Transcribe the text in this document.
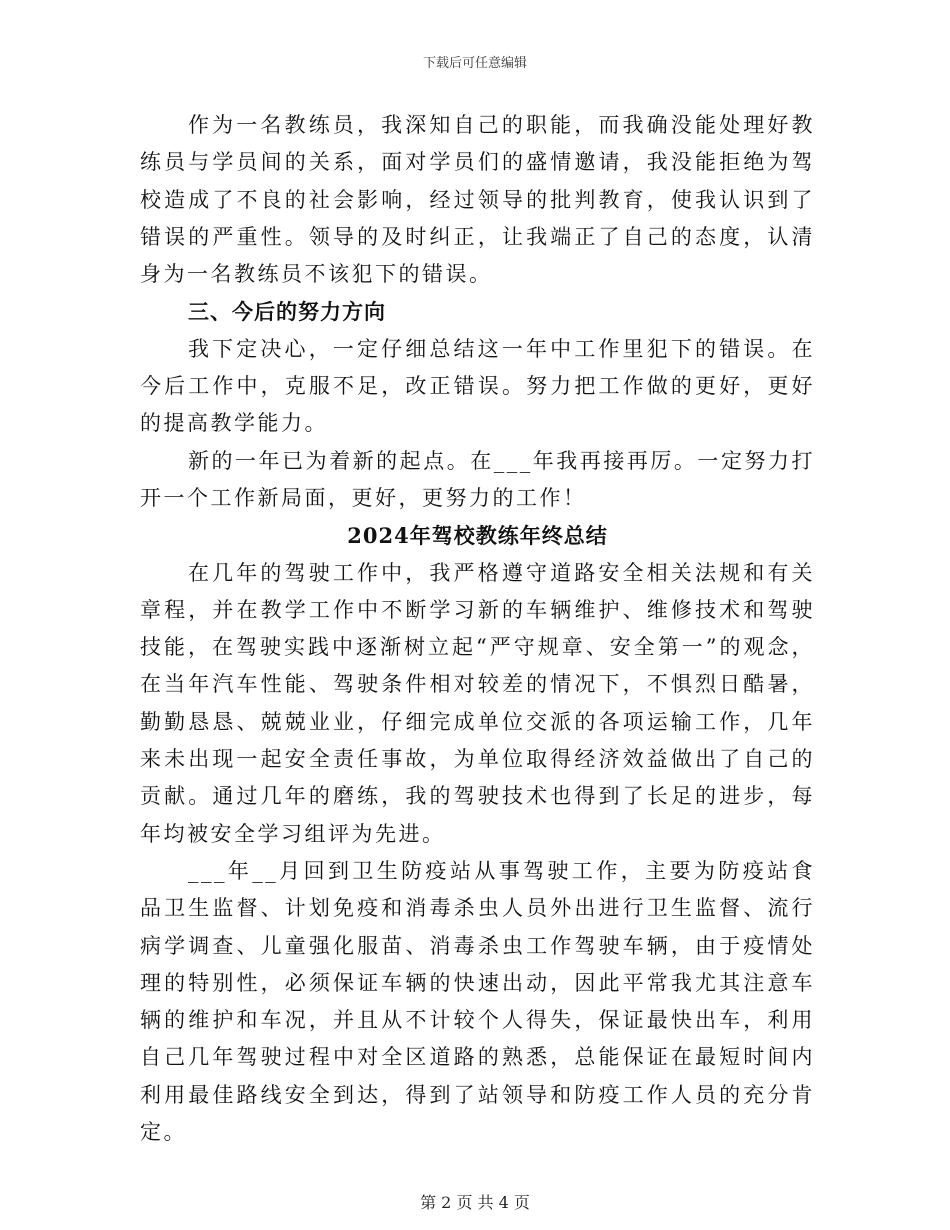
下载后可任意编辑

作为一名教练员，我深知自己的职能，而我确没能处理好教练员与学员间的关系，面对学员们的盛情邀请，我没能拒绝为驾校造成了不良的社会影响，经过领导的批判教育，使我认识到了错误的严重性。领导的及时纠正，让我端正了自己的态度，认清身为一名教练员不该犯下的错误。

三、今后的努力方向

我下定决心，一定仔细总结这一年中工作里犯下的错误。在今后工作中，克服不足，改正错误。努力把工作做的更好，更好的提高教学能力。

新的一年已为着新的起点。在___年我再接再厉。一定努力打开一个工作新局面，更好，更努力的工作！

2024年驾校教练年终总结

在几年的驾驶工作中，我严格遵守道路安全相关法规和有关章程，并在教学工作中不断学习新的车辆维护、维修技术和驾驶技能，在驾驶实践中逐渐树立起“严守规章、安全第一”的观念，在当年汽车性能、驾驶条件相对较差的情况下，不惧烈日酷暑，勤勤恳恳、兢兢业业，仔细完成单位交派的各项运输工作，几年来未出现一起安全责任事故，为单位取得经济效益做出了自己的贡献。通过几年的磨练，我的驾驶技术也得到了长足的进步，每年均被安全学习组评为先进。

___年__月回到卫生防疫站从事驾驶工作，主要为防疫站食品卫生监督、计划免疫和消毒杀虫人员外出进行卫生监督、流行病学调查、儿童强化服苗、消毒杀虫工作驾驶车辆，由于疫情处理的特别性，必须保证车辆的快速出动，因此平常我尤其注意车辆的维护和车况，并且从不计较个人得失，保证最快出车，利用自己几年驾驶过程中对全区道路的熟悉，总能保证在最短时间内利用最佳路线安全到达，得到了站领导和防疫工作人员的充分肯定。

第 2 页 共 4 页
